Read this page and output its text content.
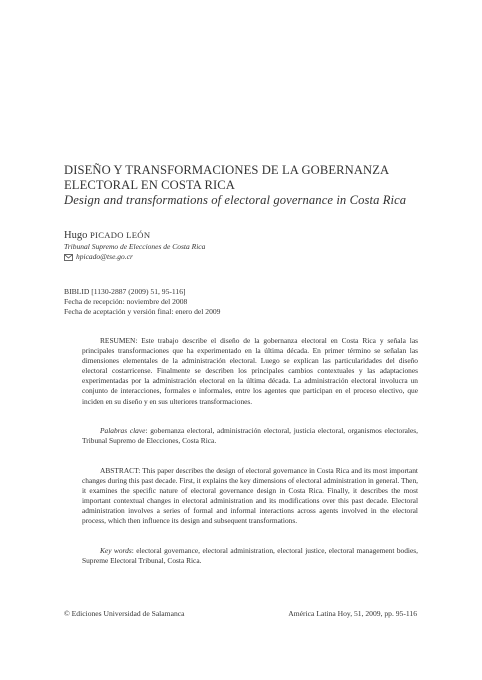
DISEÑO Y TRANSFORMACIONES DE LA GOBERNANZA ELECTORAL EN COSTA RICA
Design and transformations of electoral governance in Costa Rica
Hugo PICADO LEÓN
Tribunal Supremo de Elecciones de Costa Rica
hpicado@tse.go.cr
BIBLID [1130-2887 (2009) 51, 95-116]
Fecha de recepción: noviembre del 2008
Fecha de aceptación y versión final: enero del 2009

RESUMEN: Este trabajo describe el diseño de la gobernanza electoral en Costa Rica y señala las principales transformaciones que ha experimentado en la última década. En primer término se señalan las dimensiones elementales de la administración electoral. Luego se explican las particularidades del diseño electoral costarricense. Finalmente se describen los principales cambios contextuales y las adaptaciones experimentadas por la administración electoral en la última década. La administración electoral involucra un conjunto de interacciones, formales e informales, entre los agentes que participan en el proceso electivo, que inciden en su diseño y en sus ulteriores transformaciones.

Palabras clave: gobernanza electoral, administración electoral, justicia electoral, organismos electorales, Tribunal Supremo de Elecciones, Costa Rica.

ABSTRACT: This paper describes the design of electoral governance in Costa Rica and its most important changes during this past decade. First, it explains the key dimensions of electoral administration in general. Then, it examines the specific nature of electoral governance design in Costa Rica. Finally, it describes the most important contextual changes in electoral administration and its modifications over this past decade. Electoral administration involves a series of formal and informal interactions across agents involved in the electoral process, which then influence its design and subsequent transformations.

Key words: electoral governance, electoral administration, electoral justice, electoral management bodies, Supreme Electoral Tribunal, Costa Rica.

© Ediciones Universidad de Salamanca	América Latina Hoy, 51, 2009, pp. 95-116
